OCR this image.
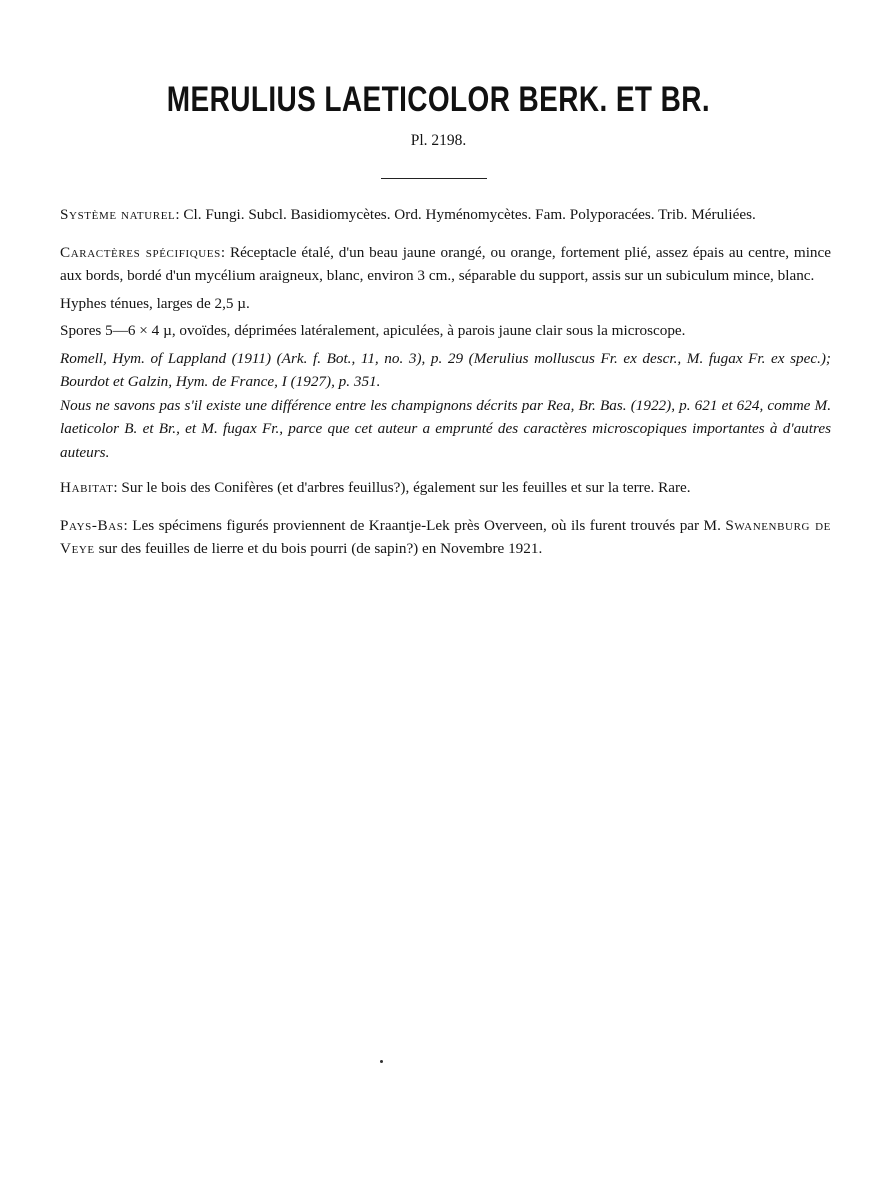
MERULIUS LAETICOLOR BERK. ET BR.
Pl. 2198.

Système naturel: Cl. Fungi. Subcl. Basidiomycètes. Ord. Hyménomycètes. Fam. Polyporacées. Trib. Méruliées.

Caractères spécifiques: Réceptacle étalé, d'un beau jaune orangé, ou orange, fortement plié, assez épais au centre, mince aux bords, bordé d'un mycélium araigneux, blanc, environ 3 cm., séparable du support, assis sur un subiculum mince, blanc.

Hyphes ténues, larges de 2,5 µ.

Spores 5—6 × 4 µ, ovoïdes, déprimées latéralement, apiculées, à parois jaune clair sous la microscope.

Romell, Hym. of Lappland (1911) (Ark. f. Bot., 11, no. 3), p. 29 (Merulius molluscus Fr. ex descr., M. fugax Fr. ex spec.); Bourdot et Galzin, Hym. de France, I (1927), p. 351.

Nous ne savons pas s'il existe une différence entre les champignons décrits par Rea, Br. Bas. (1922), p. 621 et 624, comme M. laeticolor B. et Br., et M. fugax Fr., parce que cet auteur a emprunté des caractères microscopiques importantes à d'autres auteurs.

Habitat: Sur le bois des Conifères (et d'arbres feuillus?), également sur les feuilles et sur la terre. Rare.

Pays-Bas: Les spécimens figurés proviennent de Kraantje-Lek près Overveen, où ils furent trouvés par M. Swanenburg de Veye sur des feuilles de lierre et du bois pourri (de sapin?) en Novembre 1921.
